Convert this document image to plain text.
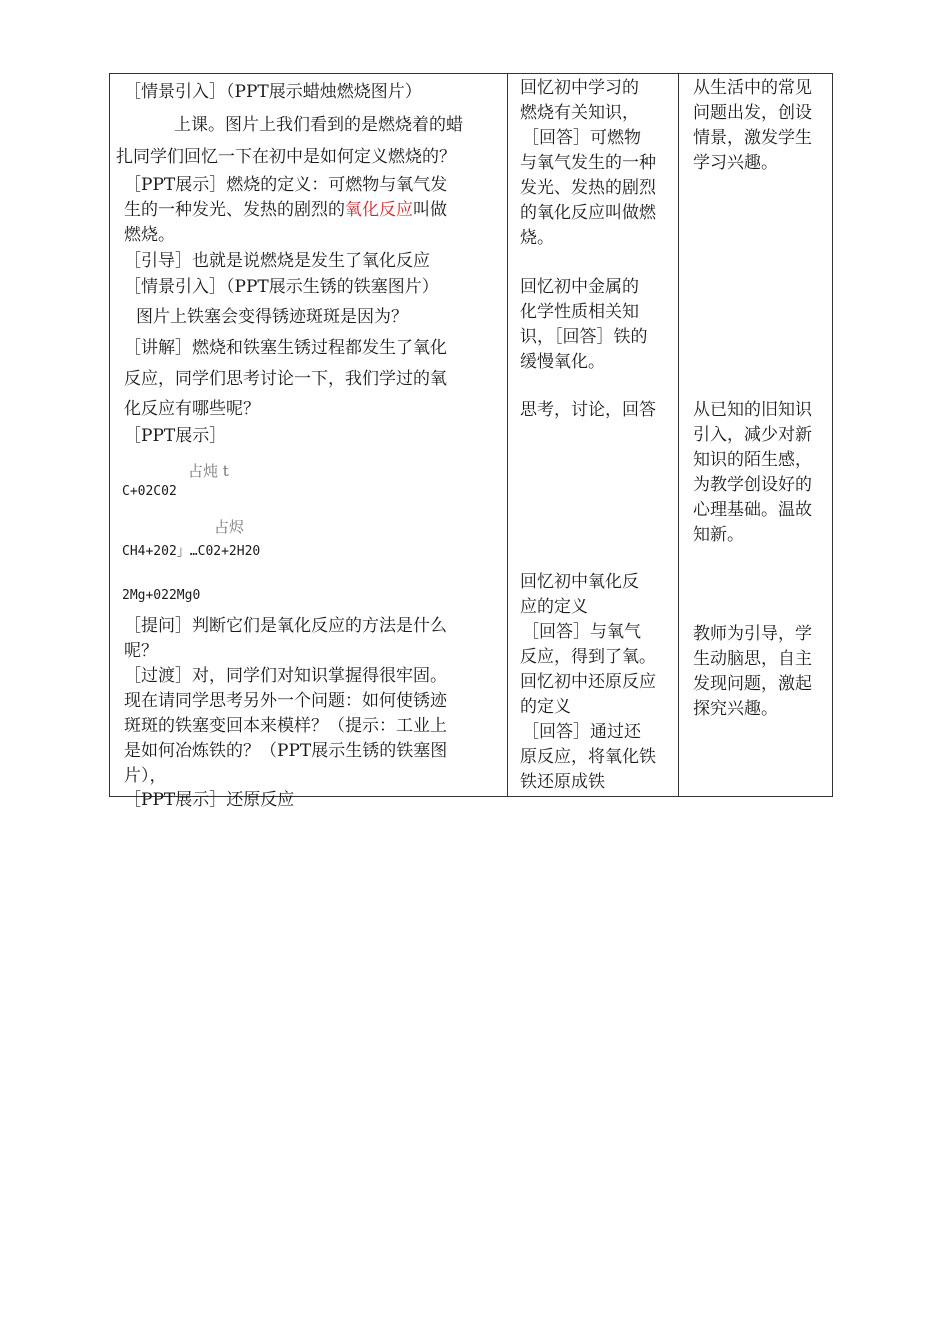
［情景引入］（PPT展示蜡烛燃烧图片）
上课。图片上我们看到的是燃烧着的蜡
扎同学们回忆一下在初中是如何定义燃烧的？
［PPT展示］燃烧的定义：可燃物与氧气发
生的一种发光、发热的剧烈的氧化反应叫做
燃烧。
［引导］也就是说燃烧是发生了氧化反应
［情景引入］（PPT展示生锈的铁塞图片）
图片上铁塞会变得锈迹斑斑是因为？
［讲解］燃烧和铁塞生锈过程都发生了氧化
反应，同学们思考讨论一下，我们学过的氧
化反应有哪些呢？
［PPT展示］
占炖 t
C+02C02
占烬
CH4+202」…C02+2H20
2Mg+022Mg0
［提问］判断它们是氧化反应的方法是什么
呢？
［过渡］对，同学们对知识掌握得很牢固。
现在请同学思考另外一个问题：如何使锈迹
斑斑的铁塞变回本来模样？（提示：工业上
是如何冶炼铁的？（PPT展示生锈的铁塞图
片），
［PPT展示］还原反应
回忆初中学习的
燃烧有关知识，
［回答］可燃物
与氧气发生的一种
发光、发热的剧烈
的氧化反应叫做燃
烧。
回忆初中金属的
化学性质相关知
识，［回答］铁的
缓慢氧化。
思考，讨论，回答
回忆初中氧化反
应的定义
［回答］与氧气
反应，得到了氧。
回忆初中还原反应
的定义
［回答］通过还
原反应，将氧化铁
铁还原成铁
从生活中的常见
问题出发，创设
情景，激发学生
学习兴趣。
从已知的旧知识
引入，减少对新
知识的陌生感，
为教学创设好的
心理基础。温故
知新。
教师为引导，学
生动脑思，自主
发现问题，激起
探究兴趣。
